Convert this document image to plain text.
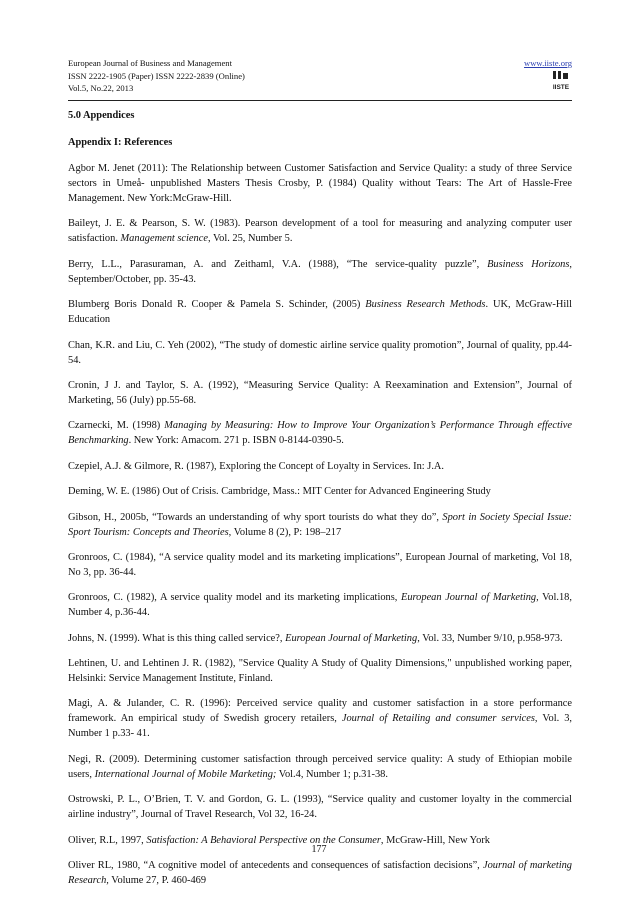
European Journal of Business and Management
ISSN 2222-1905 (Paper) ISSN 2222-2839 (Online)
Vol.5, No.22, 2013
www.iiste.org
IISTE
5.0 Appendices
Appendix I: References
Agbor M. Jenet (2011): The Relationship between Customer Satisfaction and Service Quality: a study of three Service sectors in Umeå- unpublished Masters Thesis Crosby, P. (1984) Quality without Tears: The Art of Hassle-Free Management. New York:McGraw-Hill.
Baileyt, J. E. & Pearson, S. W. (1983). Pearson development of a tool for measuring and analyzing computer user satisfaction. Management science, Vol. 25, Number 5.
Berry, L.L., Parasuraman, A. and Zeithaml, V.A. (1988), “The service-quality puzzle”, Business Horizons, September/October, pp. 35-43.
Blumberg Boris Donald R. Cooper & Pamela S. Schinder, (2005) Business Research Methods. UK, McGraw-Hill Education
Chan, K.R. and Liu, C. Yeh (2002), “The study of domestic airline service quality promotion”, Journal of quality, pp.44-54.
Cronin, J J. and Taylor, S. A. (1992), “Measuring Service Quality: A Reexamination and Extension”, Journal of Marketing, 56 (July) pp.55-68.
Czarnecki, M. (1998) Managing by Measuring: How to Improve Your Organization’s Performance Through effective Benchmarking. New York: Amacom. 271 p. ISBN 0-8144-0390-5.
Czepiel, A.J. & Gilmore, R. (1987), Exploring the Concept of Loyalty in Services. In: J.A.
Deming, W. E. (1986) Out of Crisis. Cambridge, Mass.: MIT Center for Advanced Engineering Study
Gibson, H., 2005b, “Towards an understanding of why sport tourists do what they do”, Sport in Society Special Issue: Sport Tourism: Concepts and Theories, Volume 8 (2), P: 198–217
Gronroos, C. (1984), “A service quality model and its marketing implications”, European Journal of marketing, Vol 18, No 3, pp. 36-44.
Gronroos, C. (1982), A service quality model and its marketing implications, European Journal of Marketing, Vol.18, Number 4, p.36-44.
Johns, N. (1999). What is this thing called service?, European Journal of Marketing, Vol. 33, Number 9/10, p.958-973.
Lehtinen, U. and Lehtinen J. R. (1982), "Service Quality A Study of Quality Dimensions," unpublished working paper, Helsinki: Service Management Institute, Finland.
Magi, A. & Julander, C. R. (1996): Perceived service quality and customer satisfaction in a store performance framework. An empirical study of Swedish grocery retailers, Journal of Retailing and consumer services, Vol. 3, Number 1 p.33- 41.
Negi, R. (2009). Determining customer satisfaction through perceived service quality: A study of Ethiopian mobile users, International Journal of Mobile Marketing; Vol.4, Number 1; p.31-38.
Ostrowski, P. L., O’Brien, T. V. and Gordon, G. L. (1993), “Service quality and customer loyalty in the commercial airline industry”, Journal of Travel Research, Vol 32, 16-24.
Oliver, R.L, 1997, Satisfaction: A Behavioral Perspective on the Consumer, McGraw-Hill, New York
Oliver RL, 1980, “A cognitive model of antecedents and consequences of satisfaction decisions”, Journal of marketing Research, Volume 27, P. 460-469
177
